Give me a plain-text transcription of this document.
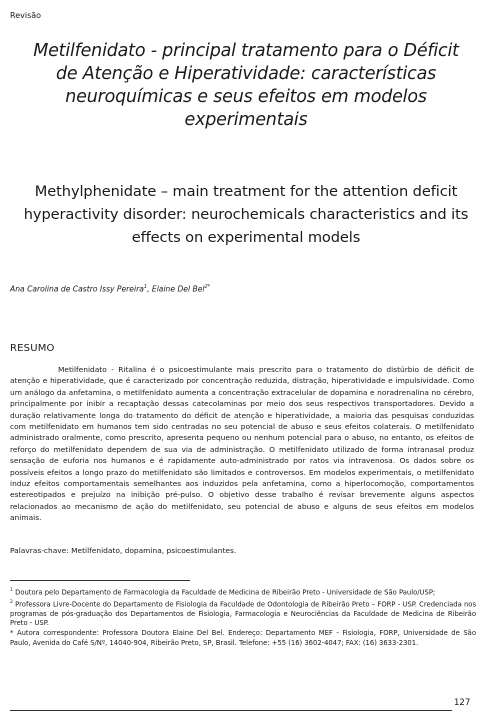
Revisão
Metilfenidato - principal tratamento para o Déficit de Atenção e Hiperatividade: características neuroquímicas e seus efeitos em modelos experimentais
Methylphenidate – main treatment for the attention deficit hyperactivity disorder: neurochemicals characteristics and its effects on experimental models
Ana Carolina de Castro Issy Pereira$^1$, Elaine Del Bel$^{2*}$
RESUMO

Metilfenidato - Ritalina é o psicoestimulante mais prescrito para o tratamento do distúrbio de déficit de atenção e hiperatividade, que é caracterizado por concentração reduzida, distração, hiperatividade e impulsividade. Como um análogo da anfetamina, o metilfenidato aumenta a concentração extracelular de dopamina e noradrenalina no cérebro, principalmente por inibir a recaptação dessas catecolaminas por meio dos seus respectivos transportadores. Devido a duração relativamente longa do tratamento do déficit de atenção e hiperatividade, a maioria das pesquisas conduzidas com metilfenidato em humanos tem sido centradas no seu potencial de abuso e seus efeitos colaterais. O metilfenidato administrado oralmente, como prescrito, apresenta pequeno ou nenhum potencial para o abuso, no entanto, os efeitos de reforço do metilfenidato dependem de sua via de administração. O metilfenidato utilizado de forma intranasal produz sensação de euforia nos humanos e é rapidamente auto-administrado por ratos via intravenosa. Os dados sobre os possíveis efeitos a longo prazo do metilfenidato são limitados e controversos. Em modelos experimentais, o metilfenidato induz efeitos comportamentais semelhantes aos induzidos pela anfetamina, como a hiperlocomoção, comportamentos estereotipados e prejuízo na inibição pré-pulso. O objetivo desse trabalho é revisar brevemente alguns aspectos relacionados ao mecanismo de ação do metilfenidato, seu potencial de abuso e alguns de seus efeitos em modelos animais.

Palavras-chave: Metilfenidato, dopamina, psicoestimulantes.

$^1$ Doutora pelo Departamento de Farmacologia da Faculdade de Medicina de Ribeirão Preto - Universidade de São Paulo/USP;

$^2$ Professora Livre-Docente do Departamento de Fisiologia da Faculdade de Odontologia de Ribeirão Preto – FORP - USP. Credenciada nos programas de pós-graduação dos Departamentos de Fisiologia, Farmacologia e Neurociências da Faculdade de Medicina de Ribeirão Preto - USP.

* Autora correspondente: Professora Doutora Elaine Del Bel. Endereço: Departamento MEF - Fisiologia, FORP, Universidade de São Paulo, Avenida do Café S/Nº, 14040-904, Ribeirão Preto, SP, Brasil. Telefone: +55 (16) 3602-4047; FAX: (16) 3633-2301.

127
